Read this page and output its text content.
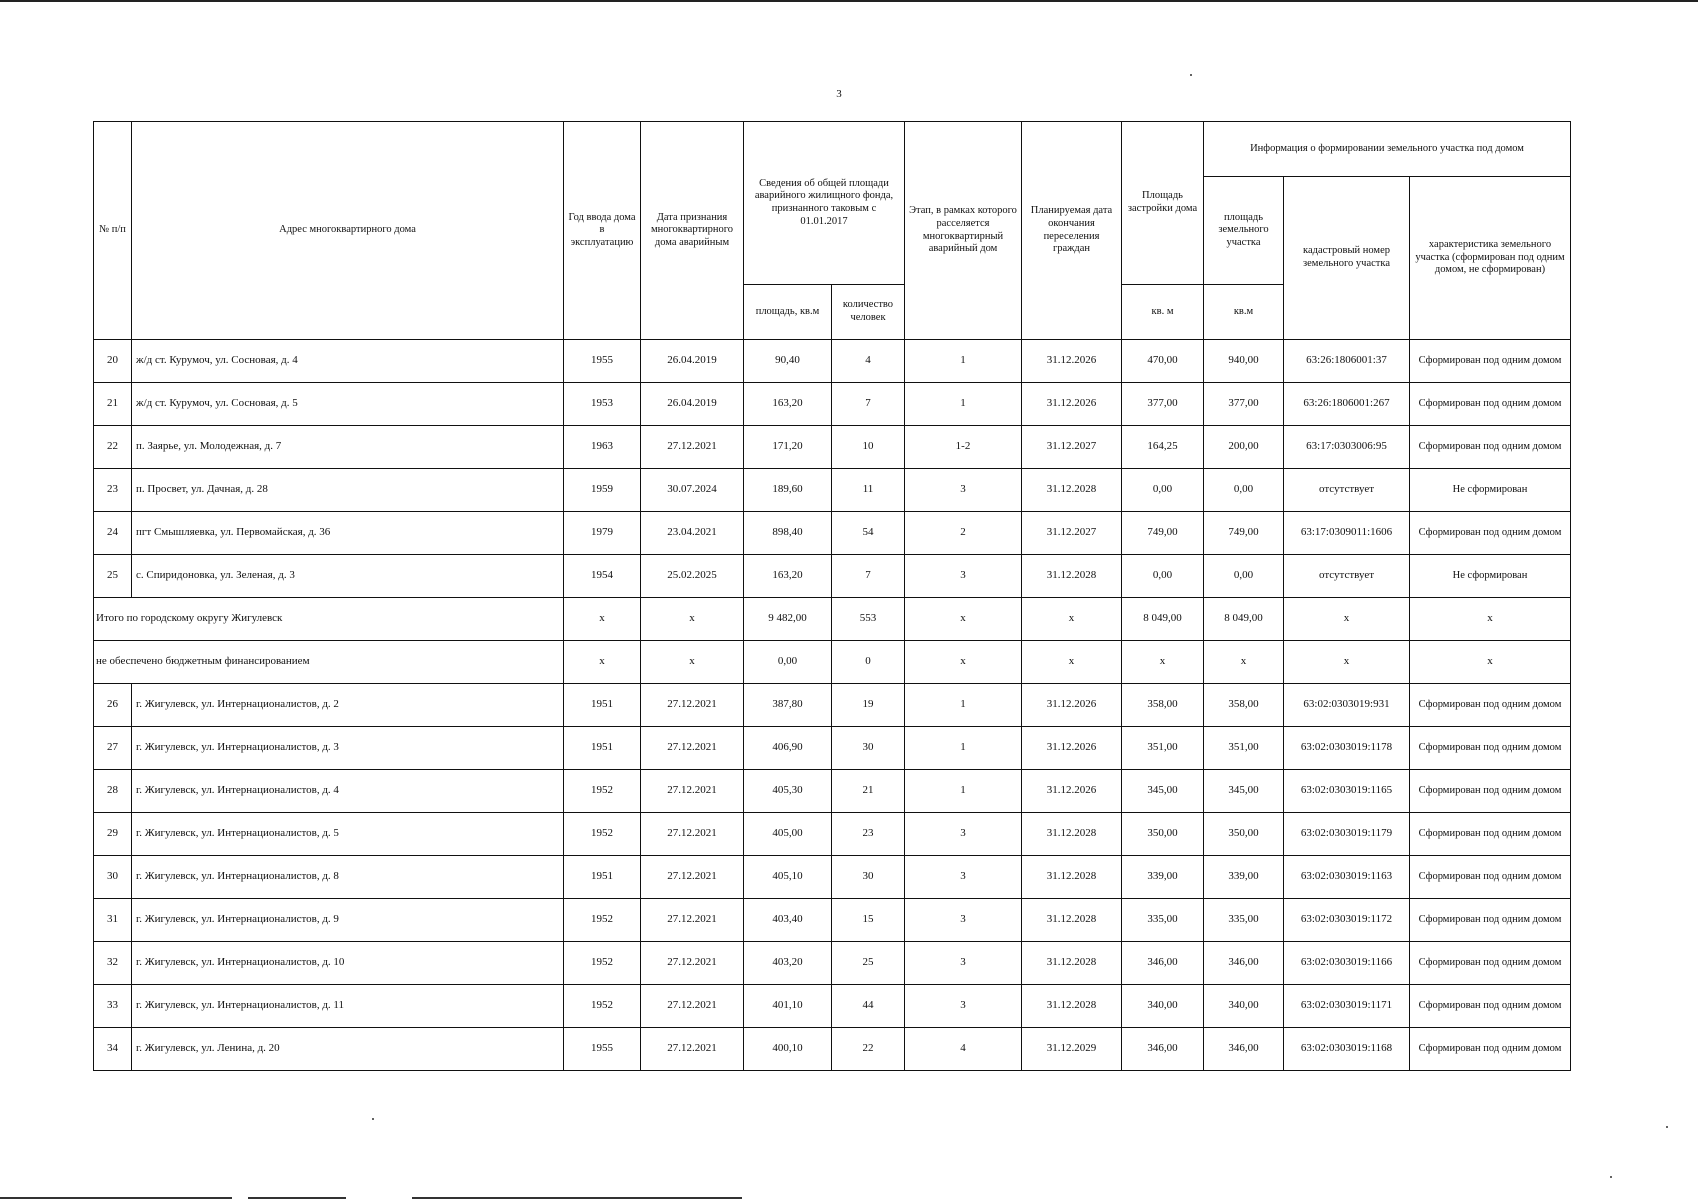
3
№ п/п	Адрес многоквартирного дома	Год ввода дома в эксплуатацию	Дата признания многоквартирного дома аварийным	Сведения об общей площади аварийного жилищного фонда, признанного таковым с 01.01.2017		Этап, в рамках которого расселяется многоквартирный аварийный дом	Планируемая дата окончания переселения граждан	Площадь застройки дома	Информация о формировании земельного участка под домом		
									площадь земельного участка	кадастровый номер земельного участка	характеристика земельного участка (сформирован под одним домом, не сформирован)
				площадь, кв.м	количество человек			кв. м	кв.м		
20	ж/д ст. Курумоч, ул. Сосновая, д. 4	1955	26.04.2019	90,40	4	1	31.12.2026	470,00	940,00	63:26:1806001:37	Сформирован под одним домом
21	ж/д ст. Курумоч, ул. Сосновая, д. 5	1953	26.04.2019	163,20	7	1	31.12.2026	377,00	377,00	63:26:1806001:267	Сформирован под одним домом
22	п. Заярье, ул. Молодежная, д. 7	1963	27.12.2021	171,20	10	1-2	31.12.2027	164,25	200,00	63:17:0303006:95	Сформирован под одним домом
23	п. Просвет, ул. Дачная, д. 28	1959	30.07.2024	189,60	11	3	31.12.2028	0,00	0,00	отсутствует	Не сформирован
24	пгт Смышляевка, ул. Первомайская, д. 36	1979	23.04.2021	898,40	54	2	31.12.2027	749,00	749,00	63:17:0309011:1606	Сформирован под одним домом
25	с. Спиридоновка, ул. Зеленая, д. 3	1954	25.02.2025	163,20	7	3	31.12.2028	0,00	0,00	отсутствует	Не сформирован
Итого по городскому округу Жигулевск		х	х	9 482,00	553	х	х	8 049,00	8 049,00	х	х
не обеспечено бюджетным финансированием		х	х	0,00	0	х	х	х	х	х	х
26	г. Жигулевск, ул. Интернационалистов, д. 2	1951	27.12.2021	387,80	19	1	31.12.2026	358,00	358,00	63:02:0303019:931	Сформирован под одним домом
27	г. Жигулевск, ул. Интернационалистов, д. 3	1951	27.12.2021	406,90	30	1	31.12.2026	351,00	351,00	63:02:0303019:1178	Сформирован под одним домом
28	г. Жигулевск, ул. Интернационалистов, д. 4	1952	27.12.2021	405,30	21	1	31.12.2026	345,00	345,00	63:02:0303019:1165	Сформирован под одним домом
29	г. Жигулевск, ул. Интернационалистов, д. 5	1952	27.12.2021	405,00	23	3	31.12.2028	350,00	350,00	63:02:0303019:1179	Сформирован под одним домом
30	г. Жигулевск, ул. Интернационалистов, д. 8	1951	27.12.2021	405,10	30	3	31.12.2028	339,00	339,00	63:02:0303019:1163	Сформирован под одним домом
31	г. Жигулевск, ул. Интернационалистов, д. 9	1952	27.12.2021	403,40	15	3	31.12.2028	335,00	335,00	63:02:0303019:1172	Сформирован под одним домом
32	г. Жигулевск, ул. Интернационалистов, д. 10	1952	27.12.2021	403,20	25	3	31.12.2028	346,00	346,00	63:02:0303019:1166	Сформирован под одним домом
33	г. Жигулевск, ул. Интернационалистов, д. 11	1952	27.12.2021	401,10	44	3	31.12.2028	340,00	340,00	63:02:0303019:1171	Сформирован под одним домом
34	г. Жигулевск, ул. Ленина, д. 20	1955	27.12.2021	400,10	22	4	31.12.2029	346,00	346,00	63:02:0303019:1168	Сформирован под одним домом
